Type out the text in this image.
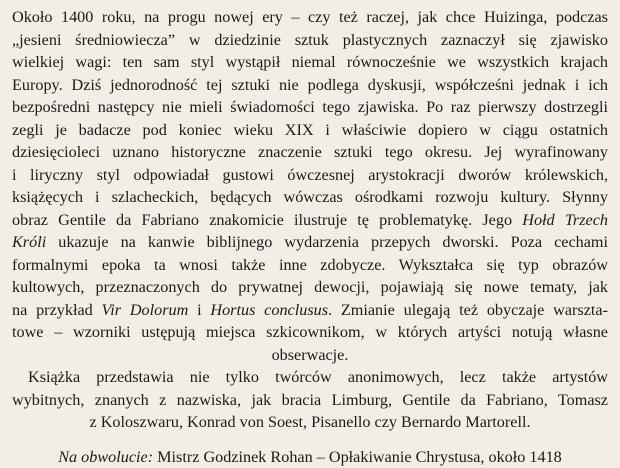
Około 1400 roku, na progu nowej ery – czy też raczej, jak chce Huizinga, podczas
„jesieni średniowiecza” w dziedzinie sztuk plastycznych zaznaczył się zjawisko
wielkiej wagi: ten sam styl wystąpił niemal równocześnie we wszystkich krajach
Europy. Dziś jednorodność tej sztuki nie podlega dyskusji, współcześni jednak i ich
bezpośredni następcy nie mieli świadomości tego zjawiska. Po raz pierwszy dostrzegli
zegli je badacze pod koniec wieku XIX i właściwie dopiero w ciągu ostatnich
dziesięcioleci uznano historyczne znaczenie sztuki tego okresu. Jej wyrafinowany
i liryczny styl odpowiadał gustowi ówczesnej arystokracji dworów królewskich,
książęcych i szlacheckich, będących wówczas ośrodkami rozwoju kultury. Słynny
obraz Gentile da Fabriano znakomicie ilustruje tę problematykę. Jego Hołd Trzech
Króli ukazuje na kanwie biblijnego wydarzenia przepych dworski. Poza cechami
formalnymi epoka ta wnosi także inne zdobycze. Wykształca się typ obrazów
kultowych, przeznaczonych do prywatnej dewocji, pojawiają się nowe tematy, jak
na przykład Vir Dolorum i Hortus conclusus. Zmianie ulegają też obyczaje warszta-
towe – wzorniki ustępują miejsca szkicownikom, w których artyści notują własne
obserwacje.
Książka przedstawia nie tylko twórców anonimowych, lecz także artystów
wybitnych, znanych z nazwiska, jak bracia Limburg, Gentile da Fabriano, Tomasz
z Koloszwaru, Konrad von Soest, Pisanello czy Bernardo Martorell.
Na obwolucie: Mistrz Godzinek Rohan – Opłakiwanie Chrystusa, około 1418
